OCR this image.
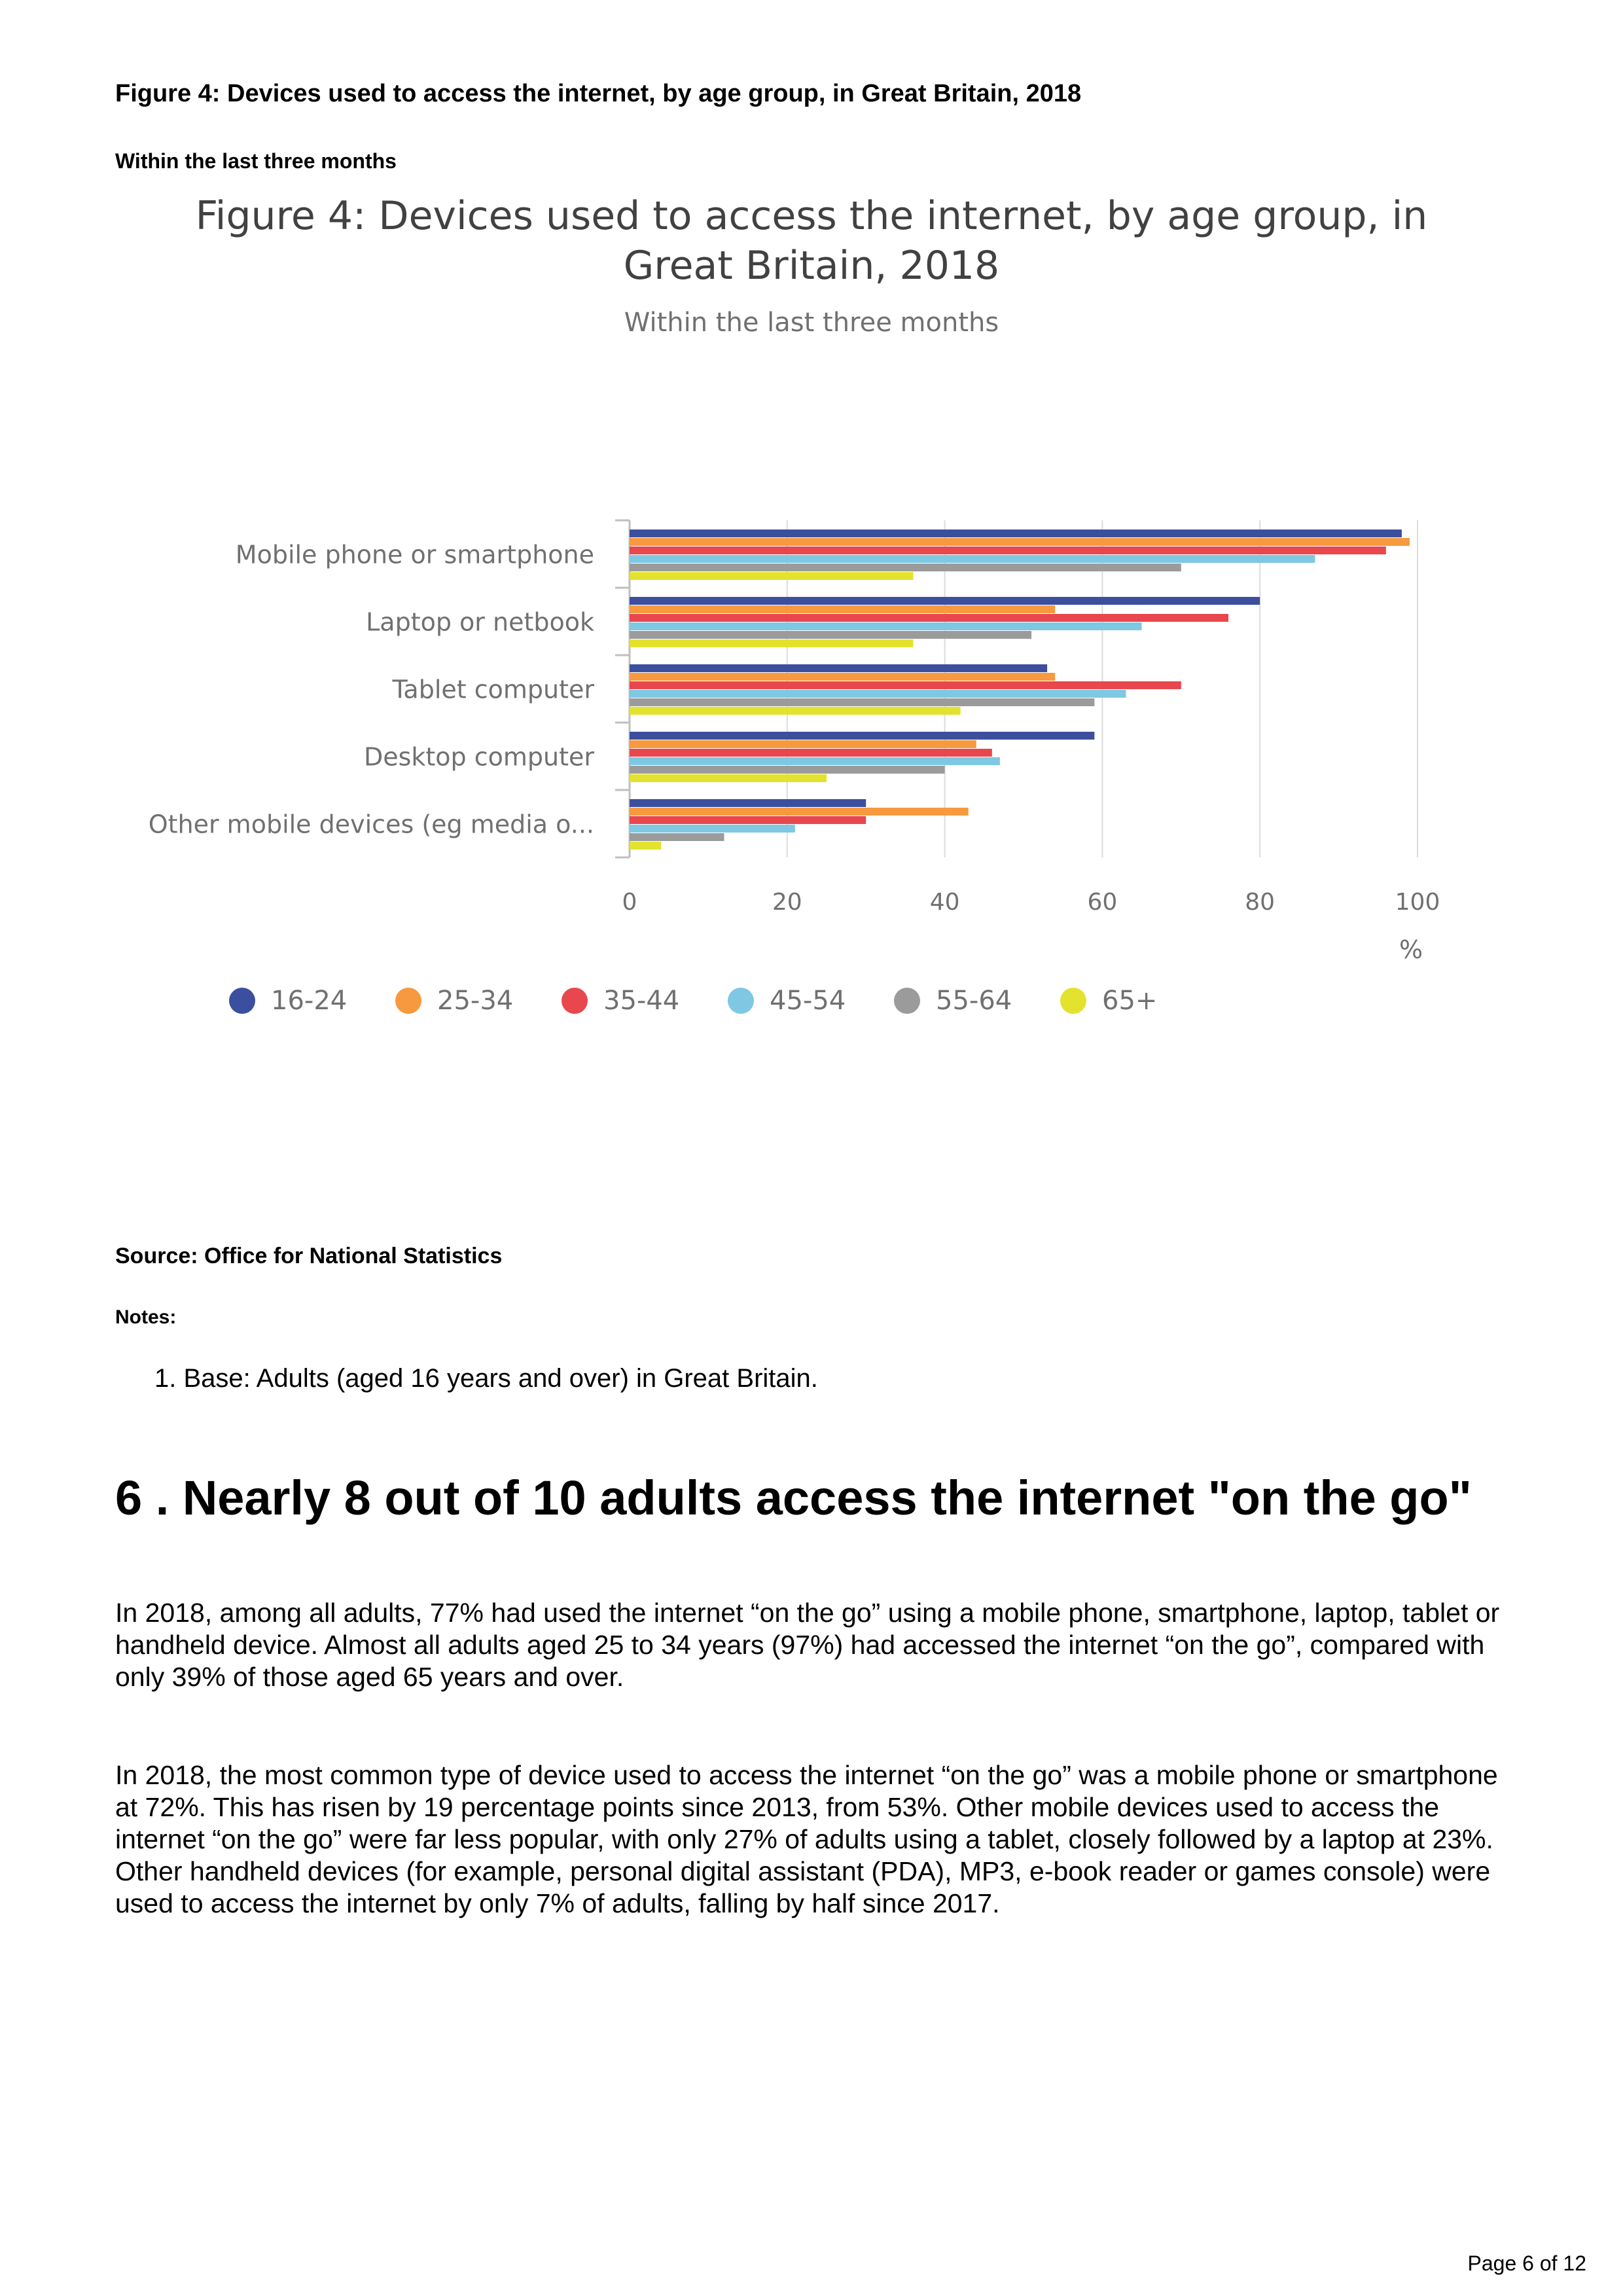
Figure 4: Devices used to access the internet, by age group, in Great Britain, 2018
Within the last three months
Figure 4: Devices used to access the internet, by age group, in
Great Britain, 2018
Within the last three months
0	20	40	60	80	100
Mobile phone or smartphone
Laptop or netbook
Tablet computer
Desktop computer
Other mobile devices (eg media o...
%
16-24	25-34	35-44	45-54	55-64	65+
Source: Office for National Statistics
Notes:
1. Base: Adults (aged 16 years and over) in Great Britain.
6 . Nearly 8 out of 10 adults access the internet "on the go"
In 2018, among all adults, 77% had used the internet “on the go” using a mobile phone, smartphone, laptop, tablet or handheld device. Almost all adults aged 25 to 34 years (97%) had accessed the internet “on the go”, compared with only 39% of those aged 65 years and over.
In 2018, the most common type of device used to access the internet “on the go” was a mobile phone or smartphone at 72%. This has risen by 19 percentage points since 2013, from 53%. Other mobile devices used to access the internet “on the go” were far less popular, with only 27% of adults using a tablet, closely followed by a laptop at 23%. Other handheld devices (for example, personal digital assistant (PDA), MP3, e-book reader or games console) were used to access the internet by only 7% of adults, falling by half since 2017.
Page 6 of 12
